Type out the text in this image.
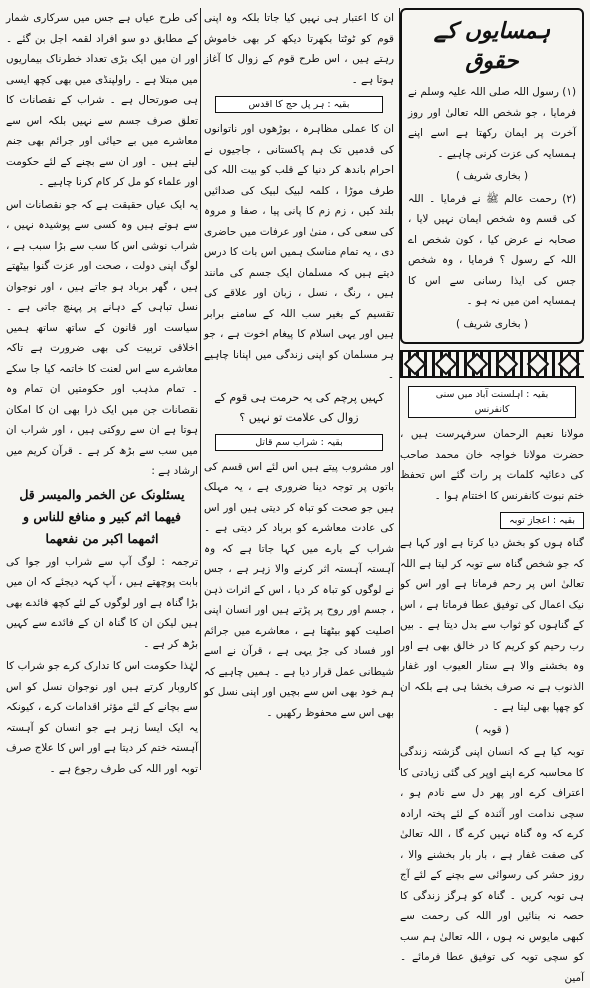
ہمسایوں کے حقوق

(۱) رسول اللہ صلی اللہ علیہ وسلم نے فرمایا ، جو شخص اللہ تعالیٰ اور روز آخرت پر ایمان رکھتا ہے اسے اپنے ہمسایہ کی عزت کرنی چاہیے ۔

( بخاری شریف )

(۲) رحمت عالم ﷺ نے فرمایا ۔ اللہ کی قسم وہ شخص ایمان نہیں لایا ، صحابہ نے عرض کیا ، کون شخص اے اللہ کے رسول ؟ فرمایا ، وہ شخص جس کی ایذا رسانی سے اس کا ہمسایہ امن میں نہ ہو ۔

( بخاری شریف )

بقیہ : اہلسنت آباد میں سنی کانفرنس

مولانا نعیم الرحمان سرفہرست ہیں ، حضرت مولانا خواجہ خان محمد صاحب کی دعائیہ کلمات پر رات گئے اس تحفظ ختم نبوت کانفرنس کا اختتام ہوا ۔

بقیہ : اعجاز توبہ

گناہ ہوں کو بخش دیا کرتا ہے اور کہا ہے کہ جو شخص گناہ سے توبہ کر لیتا ہے اللہ تعالیٰ اس پر رحم فرماتا ہے اور اس کو نیک اعمال کی توفیق عطا فرماتا ہے ، اس کے گناہوں کو ثواب سے بدل دیتا ہے ۔ بیں رب رحیم کو کریم کا در خالق بھی ہے اور وہ بخشنے والا ہے ستار العیوب اور غفار الذنوب ہے نہ صرف بخشا ہی ہے بلکہ ان کو چھپا بھی لیتا ہے ۔

( قوبہ )

توبہ کیا ہے کہ انسان اپنی گزشتہ زندگی کا محاسبہ کرے اپنے اوپر کی گئی زیادتی کا اعتراف کرے اور پھر دل سے نادم ہو ، سچی ندامت اور آئندہ کے لئے پختہ ارادہ کرے کہ وہ گناہ نہیں کرے گا ، اللہ تعالیٰ کی صفت غفار ہے ، بار بار بخشنے والا ، روز حشر کی رسوائی سے بچنے کے لئے آج ہی توبہ کریں ۔ گناہ کو ہرگز زندگی کا حصہ نہ بنائیں اور اللہ کی رحمت سے کبھی مایوس نہ ہوں ، اللہ تعالیٰ ہم سب کو سچی توبہ کی توفیق عطا فرمائے ۔ آمین

ان کا اعتبار ہی نہیں کیا جاتا بلکہ وہ اپنی قوم کو ٹوٹتا بکھرتا دیکھ کر بھی خاموش رہتے ہیں ، اس طرح قوم کے زوال کا آغاز ہوتا ہے ۔

بقیہ : ہر پل حج کا اقدس

ان کا عملی مظاہرہ ، بوڑھوں اور ناتوانوں کی قدمیں تک ہم پاکستانی ، جاجیوں نے احرام باندھ کر دنیا کے قلب کو بیت اللہ کی طرف موڑا ، کلمہ لبیک لبیک کی صدائیں بلند کیں ، زم زم کا پانی پیا ، صفا و مروہ کی سعی کی ، منیٰ اور عرفات میں حاضری دی ، یہ تمام مناسک ہمیں اس بات کا درس دیتے ہیں کہ مسلمان ایک جسم کی مانند ہیں ، رنگ ، نسل ، زبان اور علاقے کی تقسیم کے بغیر سب اللہ کے سامنے برابر ہیں اور یہی اسلام کا پیغام اخوت ہے ، جو ہر مسلمان کو اپنی زندگی میں اپنانا چاہیے ۔

کہیں پرچم کی یہ حرمت ہی قوم کے زوال کی علامت تو نہیں ؟

بقیہ : شراب سم قاتل

اور مشروب پیتے ہیں اس لئے اس قسم کی باتوں پر توجہ دینا ضروری ہے ، یہ مہلک ہیں جو صحت کو تباہ کر دیتی ہیں اور اس کی عادت معاشرے کو برباد کر دیتی ہے ۔ شراب کے بارے میں کہا جاتا ہے کہ وہ آہستہ آہستہ اثر کرنے والا زہر ہے ، جس نے لوگوں کو تباہ کر دیا ، اس کے اثرات ذہن ، جسم اور روح پر پڑتے ہیں اور انسان اپنی اصلیت کھو بیٹھتا ہے ، معاشرے میں جرائم اور فساد کی جڑ یہی ہے ، قرآن نے اسے شیطانی عمل قرار دیا ہے ۔ ہمیں چاہیے کہ ہم خود بھی اس سے بچیں اور اپنی نسل کو بھی اس سے محفوظ رکھیں ۔

کی طرح عیاں ہے جس میں سرکاری شمار کے مطابق دو سو افراد لقمہ اجل بن گئے ۔ اور ان میں ایک بڑی تعداد خطرناک بیماریوں میں مبتلا ہے ۔ راولپنڈی میں بھی کچھ ایسی ہی صورتحال ہے ۔ شراب کے نقصانات کا تعلق صرف جسم سے نہیں بلکہ اس سے معاشرے میں بے حیائی اور جرائم بھی جنم لیتے ہیں ۔ اور ان سے بچنے کے لئے حکومت اور علماء کو مل کر کام کرنا چاہیے ۔

یہ ایک عیاں حقیقت ہے کہ جو نقصانات اس سے ہوتے ہیں وہ کسی سے پوشیدہ نہیں ، شراب نوشی اس کا سب سے بڑا سبب ہے ، لوگ اپنی دولت ، صحت اور عزت گنوا بیٹھتے ہیں ، گھر برباد ہو جاتے ہیں ، اور نوجوان نسل تباہی کے دہانے پر پہنچ جاتی ہے ۔ سیاست اور قانون کے ساتھ ساتھ ہمیں اخلاقی تربیت کی بھی ضرورت ہے تاکہ معاشرے سے اس لعنت کا خاتمہ کیا جا سکے ۔ تمام مذہب اور حکومتیں ان تمام وہ نقصانات جن میں ایک ذرا بھی ان کا امکان ہوتا ہے ان سے روکتی ہیں ، اور شراب ان میں سب سے بڑھ کر ہے ۔ قرآن کریم میں ارشاد ہے :

یسئلونک عن الخمر والمیسر قل فیھما اثم کبیر و منافع للناس و اثمھما اکبر من نفعھما

ترجمہ : لوگ آپ سے شراب اور جوا کی بابت پوچھتے ہیں ، آپ کہہ دیجئے کہ ان میں بڑا گناہ ہے اور لوگوں کے لئے کچھ فائدے بھی ہیں لیکن ان کا گناہ ان کے فائدے سے کہیں بڑھ کر ہے ۔

لہٰذا حکومت اس کا تدارک کرے جو شراب کا کاروبار کرتے ہیں اور نوجوان نسل کو اس سے بچانے کے لئے مؤثر اقدامات کرے ، کیونکہ یہ ایک ایسا زہر ہے جو انسان کو آہستہ آہستہ ختم کر دیتا ہے اور اس کا علاج صرف توبہ اور اللہ کی طرف رجوع ہے ۔
